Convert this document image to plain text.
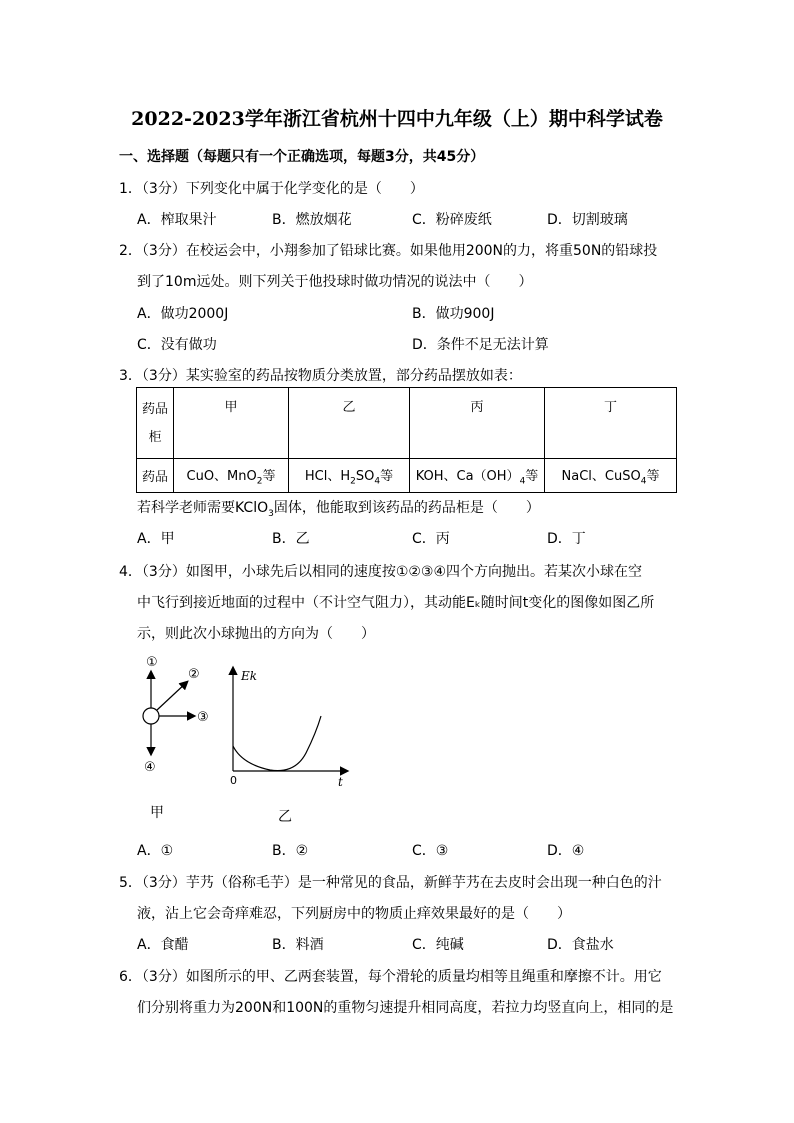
2022-2023学年浙江省杭州十四中九年级（上）期中科学试卷
一、选择题（每题只有一个正确选项，每题3分，共45分）
1．（3分）下列变化中属于化学变化的是（　　）
A．榨取果汁	B．燃放烟花	C．粉碎废纸	D．切割玻璃
2．（3分）在校运会中，小翔参加了铅球比赛。如果他用200N的力，将重50N的铅球投
到了10m远处。则下列关于他投球时做功情况的说法中（　　）
A．做功2000J	B．做功900J
C．没有做功	D．条件不足无法计算
3．（3分）某实验室的药品按物质分类放置，部分药品摆放如表：
药品
柜	甲	乙	丙	丁
药品	CuO、MnO$_2$等	HCl、$H_2SO_4$等	KOH、$Ca(OH)_4$等	NaCl、CuSO$_4$等
若科学老师需要KClO$_3$固体，他能取到该药品的药品柜是（　　）
A．甲	B．乙	C．丙	D．丁
4．（3分）如图甲，小球先后以相同的速度按①②③④四个方向抛出。若某次小球在空
中飞行到接近地面的过程中（不计空气阻力），其动能Eₖ随时间t变化的图像如图乙所
示，则此次小球抛出的方向为（　　）
①
②
③
④
甲
Ek
t
0
乙
A．①	B．②	C．③	D．④
5．（3分）芋艿（俗称毛芋）是一种常见的食品，新鲜芋艿在去皮时会出现一种白色的汁
液，沾上它会奇痒难忍，下列厨房中的物质止痒效果最好的是（　　）
A．食醋	B．料酒	C．纯碱	D．食盐水
6．（3分）如图所示的甲、乙两套装置，每个滑轮的质量均相等且绳重和摩擦不计。用它
们分别将重力为200N和100N的重物匀速提升相同高度，若拉力均竖直向上，相同的是
